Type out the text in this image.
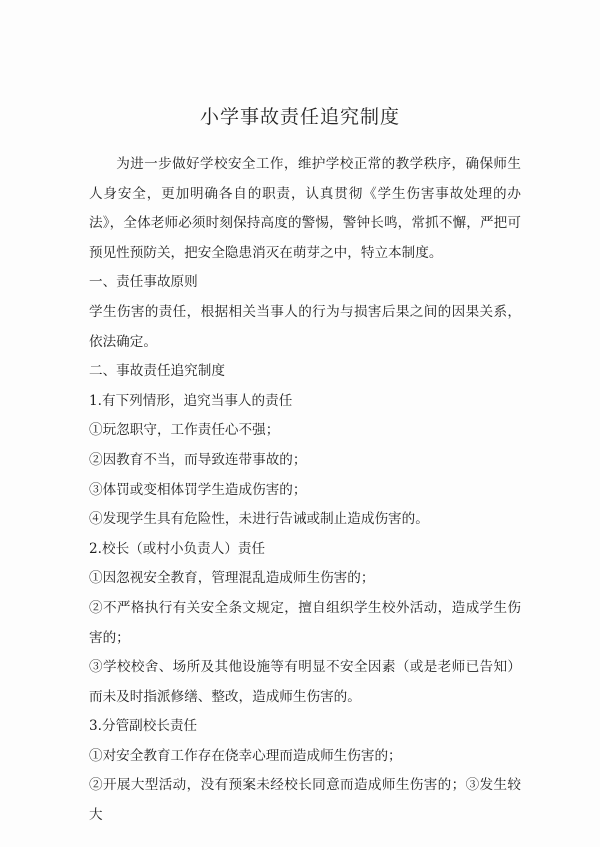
小学事故责任追究制度

为进一步做好学校安全工作，维护学校正常的教学秩序，确保师生人身安全，更加明确各自的职责，认真贯彻《学生伤害事故处理的办法》，全体老师必须时刻保持高度的警惕，警钟长鸣，常抓不懈，严把可预见性预防关，把安全隐患消灭在萌芽之中，特立本制度。

一、责任事故原则

学生伤害的责任，根据相关当事人的行为与损害后果之间的因果关系，依法确定。

二、事故责任追究制度

1.有下列情形，追究当事人的责任

①玩忽职守，工作责任心不强；

②因教育不当，而导致连带事故的；

③体罚或变相体罚学生造成伤害的；

④发现学生具有危险性，未进行告诫或制止造成伤害的。

2.校长（或村小负责人）责任

①因忽视安全教育，管理混乱造成师生伤害的；

②不严格执行有关安全条文规定，擅自组织学生校外活动，造成学生伤害的；

③学校校舍、场所及其他设施等有明显不安全因素（或是老师已告知）而未及时指派修缮、整改，造成师生伤害的。

3.分管副校长责任

①对安全教育工作存在侥幸心理而造成师生伤害的；

②开展大型活动，没有预案未经校长同意而造成师生伤害的；③发生较大
